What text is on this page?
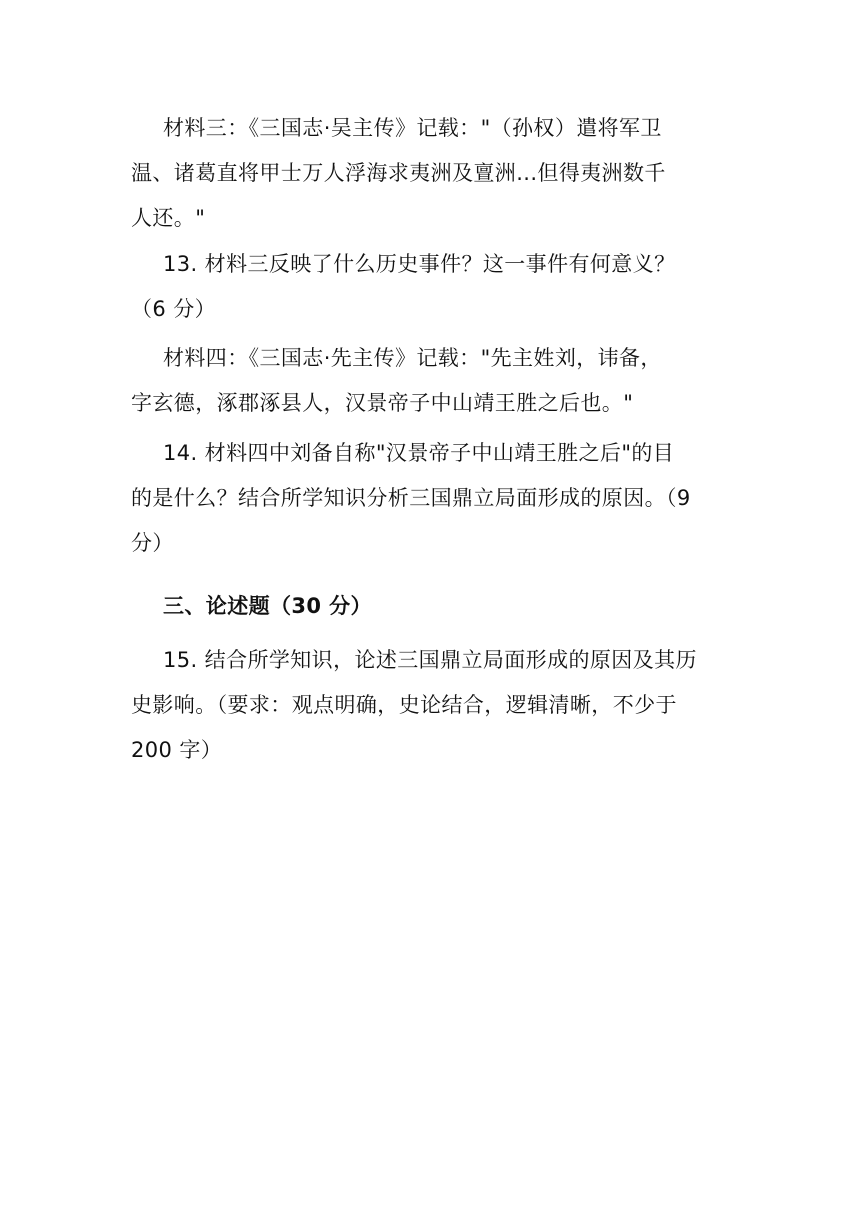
材料三：《三国志·吴主传》记载："（孙权）遣将军卫
温、诸葛直将甲士万人浮海求夷洲及亶洲...但得夷洲数千
人还。"
13. 材料三反映了什么历史事件？这一事件有何意义？
（6 分）
材料四：《三国志·先主传》记载："先主姓刘，讳备，
字玄德，涿郡涿县人，汉景帝子中山靖王胜之后也。"
14. 材料四中刘备自称"汉景帝子中山靖王胜之后"的目
的是什么？结合所学知识分析三国鼎立局面形成的原因。（9
分）
三、论述题（30 分）
15. 结合所学知识，论述三国鼎立局面形成的原因及其历
史影响。（要求：观点明确，史论结合，逻辑清晰，不少于
200 字）
